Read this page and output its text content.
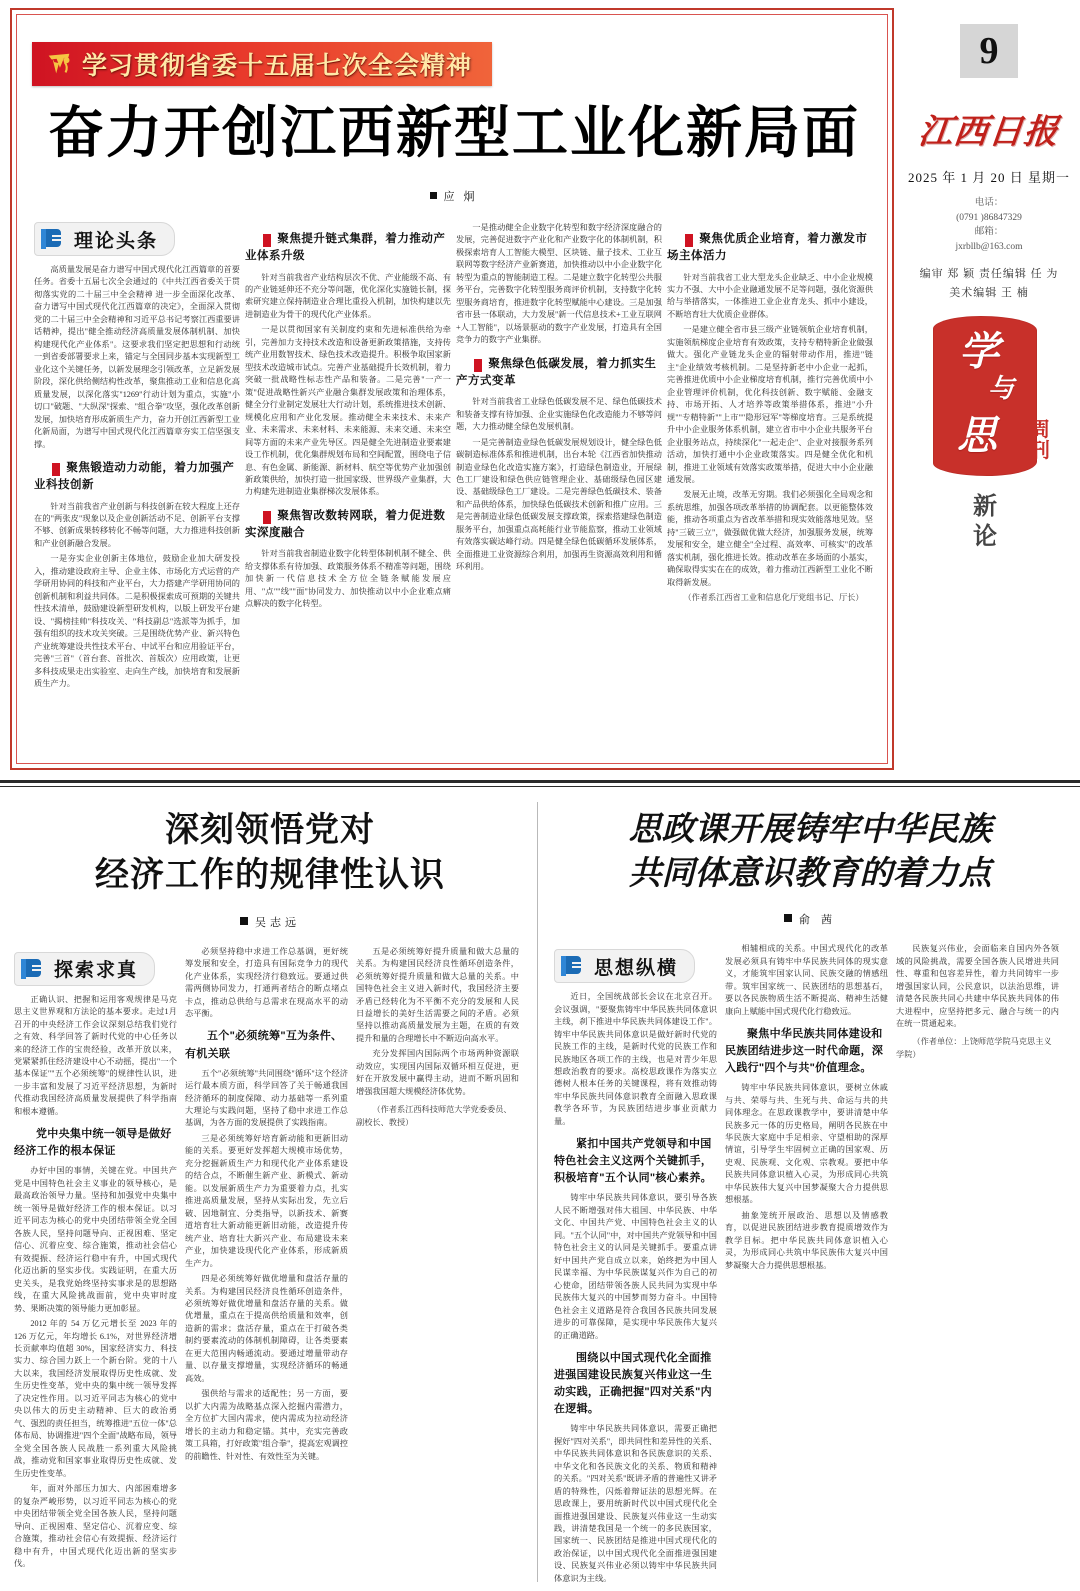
学习贯彻省委十五届七次全会精神
奋力开创江西新型工业化新局面
应 炯
理论头条

高质量发展是奋力谱写中国式现代化江西篇章的首要任务。省委十五届七次全会通过的《中共江西省委关于贯彻落实党的二十届三中全会精神 进一步全面深化改革、奋力谱写中国式现代化江西篇章的决定》，全面深入贯彻党的二十届三中全会精神和习近平总书记考察江西重要讲话精神，提出"健全推动经济高质量发展体制机制、加快构建现代化产业体系"。这要求我们坚定把思想和行动统一到省委部署要求上来，锚定与全国同步基本实现新型工业化这个关键任务，以新发展理念引领改革，立足新发展阶段，深化供给侧结构性改革，聚焦推动工业和信息化高质量发展，以深化落实"1269"行动计划为重点，实施"小切口"破题、"大纵深"探索、"组合拳"攻坚，强化改革创新发展，加快培育形成新质生产力，奋力开创江西新型工业化新局面，为谱写中国式现代化江西篇章夯实工信坚强支撑。

聚焦锻造动力动能，着力加强产业科技创新

针对当前我省产业创新与科技创新在较大程度上还存在的"两张皮"现象以及企业创新活动不足、创新平台支撑不够、创新成果转移转化不畅等问题，大力推进科技创新和产业创新融合发展。

一是夯实企业创新主体地位，鼓励企业加大研发投入，推动建设政府主导、企业主体、市场化方式运营的产学研用协同的科技和产业平台，大力搭建产学研用协同的创新机制和利益共同体。二是积极探索成可预期的关键共性技术清单，鼓励建设新型研发机构，以版上研发平台建设、"揭榜挂帅"科技攻关、"科技副总"选派等为抓手，加强有组织的技术攻关突破。三是围绕优势产业、新兴特色产业统筹建设共性技术平台、中试平台和应用验证平台，完善"三首"（首台套、首批次、首版次）应用政策，让更多科技成果走出实验室、走向生产线，加快培育和发展新质生产力。

聚焦提升链式集群，着力推动产业体系升级

针对当前我省产业结构层次不优、产业能级不高、有的产业链延伸还不充分等问题，优化深化实施链长制，探索研究建立保持制造业合理比重投入机制，加快构建以先进制造业为骨干的现代化产业体系。

一是以贯彻国家有关制度约束和先进标准供给为牵引，完善加力支持技术改造和设备更新政策措施，支持传统产业用数智技术、绿色技术改造提升。积极争取国家新型技术改造城市试点。完善产业基础提升长效机制，着力突破一批战略性标志性产品和装备。二是完善"一产一策"促进战略性新兴产业融合集群发展政策和治理体系，健全分行业制定发展壮大行动计划，系统推进技术创新、规模化应用和产业化发展。推动健全未来技术、未来产业、未来需求、未来材料、未来能源、未来交通、未来空间等方面的未来产业先导区。四是健全先进制造业要素建设工作机制，优化集群规划布局和空间配置，围绕电子信息、有色金属、新能源、新材料、航空等优势产业加强创新政策供给，加快打造一批国家级、世界级产业集群，大力构建先进制造业集群梯次发展体系。

聚焦智改数转网联，着力促进数实深度融合

针对当前我省制造业数字化转型体制机制不健全、供给支撑体系有待加强、政策服务体系不精准等问题，围绕加快新一代信息技术全方位全链条赋能发展应用、"点""线""面"协同发力、加快推动以中小企业难点痛点解决的数字化转型。

一是推动健全企业数字化转型和数字经济深度融合的发展，完善促进数字产业化和产业数字化的体制机制，积极探索培育人工智能大模型、区块链、量子技术、工业互联网等数字经济产业新赛道，加快推动以中小企业数字化转型为重点的智能制造工程。二是建立数字化转型公共服务平台，完善数字化转型服务商评价机制，支持数字化转型服务商培育，推进数字化转型赋能中心建设。三是加强省市县一体联动，大力发展"新一代信息技术+工业互联网+人工智能"，以场景驱动的数字产业发展，打造具有全国竞争力的数字产业集群。

聚焦绿色低碳发展，着力抓实生产方式变革

针对当前我省工业绿色低碳发展不足、绿色低碳技术和装备支撑有待加强、企业实施绿色化改造能力不够等问题，大力推动健全绿色发展机制。

一是完善制造业绿色低碳发展规划设计，健全绿色低碳制造标准体系和推进机制，出台本轮《江西省加快推动制造业绿色化改造实施方案》，打造绿色制造业，开展绿色工厂建设和绿色供应链管理企业、基础级绿色园区建设、基础级绿色工厂建设。二是完善绿色低碳技术、装备和产品供给体系，加快绿色低碳技术创新和推广应用。三是完善制造业绿色低碳发展支撑政策，探索搭建绿色制造服务平台，加强重点高耗能行业节能监察，推动工业领域有效落实碳达峰行动。四是健全绿色低碳循环发展体系，全面推进工业资源综合利用，加强再生资源高效利用和循环利用。

聚焦优质企业培育，着力激发市场主体活力

针对当前我省工业大型龙头企业缺乏、中小企业规模实力不强、大中小企业融通发展不足等问题，强化资源供给与举措落实，一体推进工业企业育龙头、抓中小建设，不断培育壮大优质企业群体。

一是建立健全省市县三级产业链领航企业培育机制，实施领航梯度企业培育有效政策，支持专精特新企业做强做大。强化产业链龙头企业的辐射带动作用，推进"链主"企业绩效考核机制。二是坚持新老中小企业一起抓，完善推进优质中小企业梯度培育机制，推行完善优质中小企业管理评价机制，优化科技创新、数字赋能、金融支持、市场开拓、人才培养等政策举措体系，推进"小升规""专精特新""上市""隐形冠军"等梯度培育。三是系统提升中小企业服务体系机制，建立省市中小企业共服务平台企业服务站点，持续深化"一起走企"、企业对接服务系列活动，加快打通中小企业政策落实。四是健全优化和机制，推进工业领域有效落实政策举措，促进大中小企业融通发展。

发展无止境，改革无穷期。我们必须强化全局观念和系统思维，加强各项改革举措的协调配套。以更能整体效能，推动各项重点为省改革举措和现实效能落地见效。坚持"三破三立"，做强做优做大经济，加强服务发展，统筹发展和安全，建立健全"全过程、高效率、可核实"的改革落实机制，强化推进长效。推动改革在多场面的小基实，确保取得实实在在的成效，着力推动江西新型工业化不断取得新发展。

（作者系江西省工业和信息化厅党组书记、厅长）

9
江西日报
2025 年 1 月 20 日 星期一
电话：
(0791 )86847329
邮箱：
jxrbllb@163.com
编审 郑 颖 责任编辑 任 为
美术编辑 王 楠
学
与
思	周刊
新论
深刻领悟党对
经济工作的规律性认识
吴志远
探索求真

正确认识、把握和运用客观规律是马克思主义世界观和方法论的基本要求。走过1月召开的中央经济工作会议深刻总结我们党行之有效、科学回答了新时代党的中心任务以来的经济工作的宝贵经验，改革开放以来，党紧紧抓住经济建设中心不动摇，提出"一个基本保证""五个必须统筹"的规律性认识，进一步丰富和发展了习近平经济思想，为新时代推动我国经济高质量发展提供了科学指南和根本遵循。

党中央集中统一领导是做好经济工作的根本保证

办好中国的事情，关键在党。中国共产党是中国特色社会主义事业的领导核心，是最高政治领导力量。坚持和加强党中央集中统一领导是做好经济工作的根本保证。以习近平同志为核心的党中央团结带领全党全国各族人民，坚持问题导向、正视困难、坚定信心、沉着应变、综合施策，推动社会信心有效提振、经济运行稳中有升，中国式现代化迈出新的坚实步伐。实践证明，在重大历史关头，是我党始终坚持实事求是的思想路线，在重大风险挑战面前，党中央审时度势、果断决策的领导能力更加彰显。

2012 年的 54 万亿元增长至 2023 年的 126 万亿元，年均增长 6.1%，对世界经济增长贡献率均值超 30%，国家经济实力、科技实力、综合国力跃上一个新台阶。党的十八大以来，我国经济发展取得历史性成就、发生历史性变革，党中央的集中统一领导发挥了决定性作用。以习近平同志为核心的党中央以伟大的历史主动精神、巨大的政治勇气、强烈的责任担当，统筹推进"五位一体"总体布局、协调推进"四个全面"战略布局，领导全党全国各族人民战胜一系列重大风险挑战，推动党和国家事业取得历史性成就、发生历史性变革。

年，面对外部压力加大、内部困难增多的复杂严峻形势，以习近平同志为核心的党中央团结带领全党全国各族人民，坚持问题导向、正视困难、坚定信心、沉着应变、综合施策，推动社会信心有效提振、经济运行稳中有升，中国式现代化迈出新的坚实步伐。

必须坚持稳中求进工作总基调，更好统筹发展和安全，打造具有国际竞争力的现代化产业体系，实现经济行稳致远。要通过供需两侧协同发力，打通两者结合的断点堵点卡点，推动总供给与总需求在现高水平的动态平衡。

五个"必须统筹"互为条件、有机关联

五个"必须统筹"共同围绕"循环"这个经济运行最本质方面，科学回答了关于畅通我国经济循环的制度保障、动力基础等一系列重大理论与实践问题，坚持了稳中求进工作总基调，为各方面的发展提供了实践指南。

三是必须统筹好培育新动能和更新旧动能的关系。要更好发挥超大规模市场优势，充分挖掘新质生产力和现代化产业体系建设的结合点，不断催生新产业、新模式、新动能。以发展新质生产力为重要着力点，扎实推进高质量发展，坚持从实际出发，先立后破、因地制宜、分类指导，以新技术、新赛道培育壮大新动能更新旧动能，改造提升传统产业、培育壮大新兴产业、布局建设未来产业，加快建设现代化产业体系，形成新质生产力。

四是必须统筹好做优增量和盘活存量的关系。为构建国民经济良性循环创造条件，必须统筹好做优增量和盘活存量的关系。做优增量，重点在于提高供给质量和效率，创造新的需求；盘活存量，重点在于打破各类制约要素流动的体制机制障碍，让各类要素在更大范围内畅通流动。要通过增量带动存量、以存量支撑增量，实现经济循环的畅通高效。

强供给与需求的适配性；另一方面，要以扩大内需为战略基点深入挖掘内需潜力，全方位扩大国内需求，使内需成为拉动经济增长的主动力和稳定锚。其中，充实完善政策工具箱，打好政策"组合拳"，提高宏观调控的前瞻性、针对性、有效性至为关键。

五是必须统筹好提升质量和做大总量的关系。为构建国民经济良性循环创造条件，必须统筹好提升质量和做大总量的关系。中国特色社会主义进入新时代，我国经济主要矛盾已经转化为不平衡不充分的发展和人民日益增长的美好生活需要之间的矛盾。必须坚持以推动高质量发展为主题，在质的有效提升和量的合理增长中不断迈向高水平。

充分发挥国内国际两个市场两种资源联动效应，实现国内国际双循环相互促进，更好在开放发展中赢得主动，进而不断巩固和增强我国超大规模经济体优势。

（作者系江西科技师范大学党委委员、副校长、教授）

思政课开展铸牢中华民族
共同体意识教育的着力点
俞 茜
思想纵横

近日，全国统战部长会议在北京召开。会议强调，"要聚焦铸牢中华民族共同体意识主线，刹下推进中华民族共同体建设工作"。铸牢中华民族共同体意识是做好新时代党的民族工作的主线，是新时代党的民族工作和民族地区各项工作的主线，也是对青少年思想政治教育的要求。高校思政课作为落实立德树人根本任务的关键课程，将有效推动铸牢中华民族共同体意识教育全面融入思政课教学各环节，为民族团结进步事业贡献力量。

紧扣中国共产党领导和中国特色社会主义这两个关键抓手，积极培育"五个认同"核心素养。

铸牢中华民族共同体意识，要引导各族人民不断增强对伟大祖国、中华民族、中华文化、中国共产党、中国特色社会主义的认同。"五个认同"中，对中国共产党领导和中国特色社会主义的认同是关键抓手。要重点讲好中国共产党自成立以来，始终把为中国人民谋幸福、为中华民族谋复兴作为自己的初心使命，团结带领各族人民共同为实现中华民族伟大复兴的中国梦而努力奋斗。中国特色社会主义道路是符合我国各民族共同发展进步的可靠保障，是实现中华民族伟大复兴的正确道路。

围绕以中国式现代化全面推进强国建设民族复兴伟业这一生动实践，正确把握"四对关系"内在逻辑。

铸牢中华民族共同体意识，需要正确把握好"四对关系"，即共同性和差异性的关系、中华民族共同体意识和各民族意识的关系、中华文化和各民族文化的关系、物质和精神的关系。"四对关系"既讲矛盾的普遍性又讲矛盾的特殊性，闪烁着辩证法的思想光辉。在思政课上，要用统新时代以中国式现代化全面推进强国建设、民族复兴伟业这一生动实践，讲清楚我国是一个统一的多民族国家，国家统一、民族团结是推进中国式现代化的政治保证，以中国式现代化全面推进强国建设、民族复兴伟业必须以铸牢中华民族共同体意识为主线。

相辅相成的关系。中国式现代化的改革发展必须具有铸牢中华民族共同体的现实意义，才能筑牢国家认同、民族交融的情感纽带。筑牢国家统一、民族团结的思想基石，要以各民族物质生活不断提高、精神生活健康向上赋能中国式现代化行稳致远。

聚焦中华民族共同体建设和民族团结进步这一时代命题，深入践行"四个与共"价值理念。

铸牢中华民族共同体意识，要树立休戚与共、荣辱与共、生死与共、命运与共的共同体理念。在思政课教学中，要讲清楚中华民族多元一体的历史格局，阐明各民族在中华民族大家庭中手足相亲、守望相助的深厚情谊，引导学生牢固树立正确的国家观、历史观、民族观、文化观、宗教观。要把中华民族共同体意识植入心灵，为形成同心共筑中华民族伟大复兴中国梦凝聚大合力提供思想根基。

抽象笼统开展政治、思想以及情感教育，以促进民族团结进步教育提质增效作为教学目标。把中华民族共同体意识植入心灵，为形成同心共筑中华民族伟大复兴中国梦凝聚大合力提供思想根基。

民族复兴伟业，会面临来自国内外各领域的风险挑战，需要全国各族人民增进共同性、尊重和包容差异性，着力共同铸牢一步增强国家认同，公民意识，以法治思维，讲清楚各民族共同心共建中华民族共同体的伟大进程中，应坚持把多元、融合与统一的内在统一贯通起来。

（作者单位：上饶师范学院马克思主义学院）
